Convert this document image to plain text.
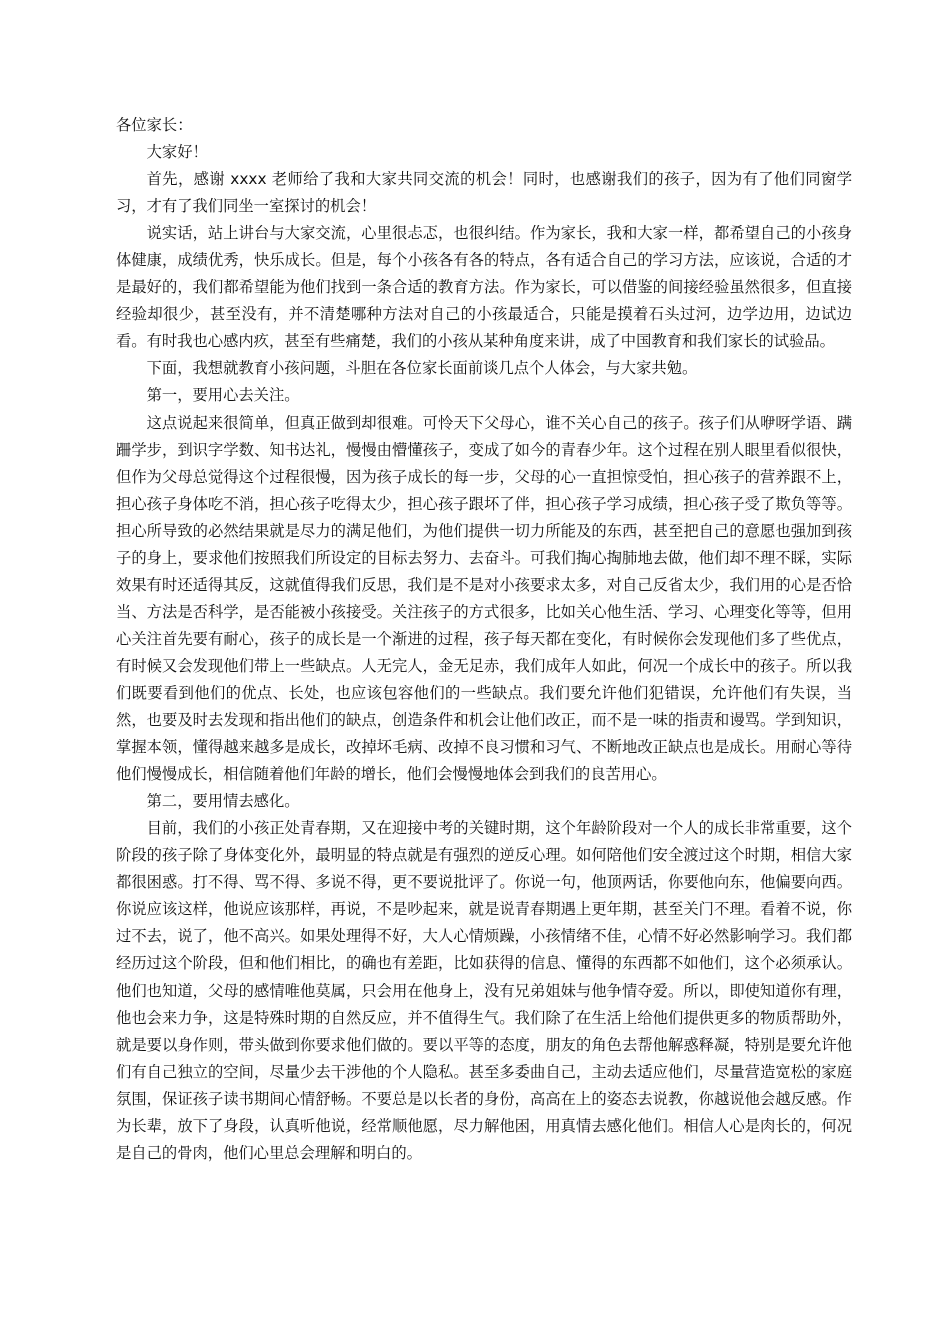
各位家长：

大家好！

首先，感谢 xxxx 老师给了我和大家共同交流的机会！同时，也感谢我们的孩子，因为有了他们同窗学习，才有了我们同坐一室探讨的机会！

说实话，站上讲台与大家交流，心里很忐忑，也很纠结。作为家长，我和大家一样，都希望自己的小孩身体健康，成绩优秀，快乐成长。但是，每个小孩各有各的特点，各有适合自己的学习方法，应该说，合适的才是最好的，我们都希望能为他们找到一条合适的教育方法。作为家长，可以借鉴的间接经验虽然很多，但直接经验却很少，甚至没有，并不清楚哪种方法对自己的小孩最适合，只能是摸着石头过河，边学边用，边试边看。有时我也心感内疚，甚至有些痛楚，我们的小孩从某种角度来讲，成了中国教育和我们家长的试验品。

下面，我想就教育小孩问题，斗胆在各位家长面前谈几点个人体会，与大家共勉。

第一，要用心去关注。

这点说起来很简单，但真正做到却很难。可怜天下父母心，谁不关心自己的孩子。孩子们从咿呀学语、蹒跚学步，到识字学数、知书达礼，慢慢由懵懂孩子，变成了如今的青春少年。这个过程在别人眼里看似很快，但作为父母总觉得这个过程很慢，因为孩子成长的每一步，父母的心一直担惊受怕，担心孩子的营养跟不上，担心孩子身体吃不消，担心孩子吃得太少，担心孩子跟坏了伴，担心孩子学习成绩，担心孩子受了欺负等等。担心所导致的必然结果就是尽力的满足他们，为他们提供一切力所能及的东西，甚至把自己的意愿也强加到孩子的身上，要求他们按照我们所设定的目标去努力、去奋斗。可我们掏心掏肺地去做，他们却不理不睬，实际效果有时还适得其反，这就值得我们反思，我们是不是对小孩要求太多，对自己反省太少，我们用的心是否恰当、方法是否科学，是否能被小孩接受。关注孩子的方式很多，比如关心他生活、学习、心理变化等等，但用心关注首先要有耐心，孩子的成长是一个渐进的过程，孩子每天都在变化，有时候你会发现他们多了些优点，有时候又会发现他们带上一些缺点。人无完人，金无足赤，我们成年人如此，何况一个成长中的孩子。所以我们既要看到他们的优点、长处，也应该包容他们的一些缺点。我们要允许他们犯错误，允许他们有失误，当然，也要及时去发现和指出他们的缺点，创造条件和机会让他们改正，而不是一味的指责和谩骂。学到知识，掌握本领，懂得越来越多是成长，改掉坏毛病、改掉不良习惯和习气、不断地改正缺点也是成长。用耐心等待他们慢慢成长，相信随着他们年龄的增长，他们会慢慢地体会到我们的良苦用心。

第二，要用情去感化。

目前，我们的小孩正处青春期，又在迎接中考的关键时期，这个年龄阶段对一个人的成长非常重要，这个阶段的孩子除了身体变化外，最明显的特点就是有强烈的逆反心理。如何陪他们安全渡过这个时期，相信大家都很困惑。打不得、骂不得、多说不得，更不要说批评了。你说一句，他顶两话，你要他向东，他偏要向西。你说应该这样，他说应该那样，再说，不是吵起来，就是说青春期遇上更年期，甚至关门不理。看着不说，你过不去，说了，他不高兴。如果处理得不好，大人心情烦躁，小孩情绪不佳，心情不好必然影响学习。我们都经历过这个阶段，但和他们相比，的确也有差距，比如获得的信息、懂得的东西都不如他们，这个必须承认。他们也知道，父母的感情唯他莫属，只会用在他身上，没有兄弟姐妹与他争情夺爱。所以，即使知道你有理，他也会来力争，这是特殊时期的自然反应，并不值得生气。我们除了在生活上给他们提供更多的物质帮助外，就是要以身作则，带头做到你要求他们做的。要以平等的态度，朋友的角色去帮他解惑释凝，特别是要允许他们有自己独立的空间，尽量少去干涉他的个人隐私。甚至多委曲自己，主动去适应他们，尽量营造宽松的家庭氛围，保证孩子读书期间心情舒畅。不要总是以长者的身份，高高在上的姿态去说教，你越说他会越反感。作为长辈，放下了身段，认真听他说，经常顺他愿，尽力解他困，用真情去感化他们。相信人心是肉长的，何况是自己的骨肉，他们心里总会理解和明白的。
